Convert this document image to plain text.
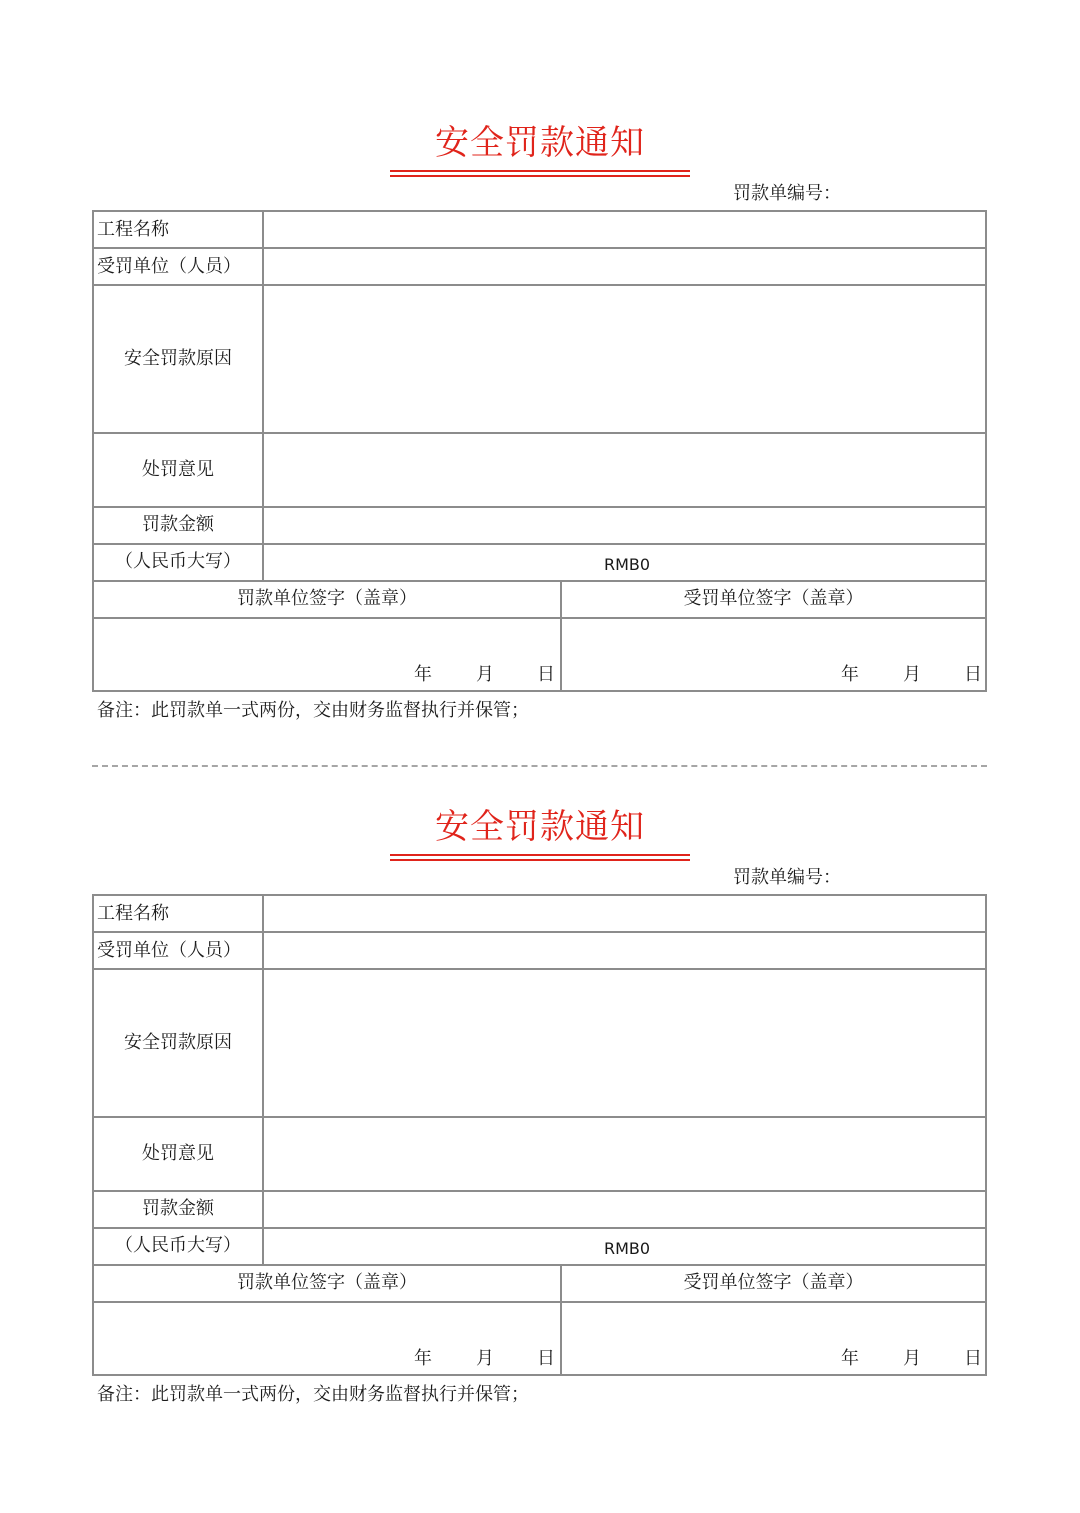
安全罚款通知
罚款单编号：
工程名称
受罚单位（人员）
安全罚款原因
处罚意见
罚款金额
（人民币大写）	RMB0
罚款单位签字（盖章）	受罚单位签字（盖章）
年 月 日	年 月 日
备注：此罚款单一式两份，交由财务监督执行并保管；
安全罚款通知
罚款单编号：
工程名称
受罚单位（人员）
安全罚款原因
处罚意见
罚款金额
（人民币大写）	RMB0
罚款单位签字（盖章）	受罚单位签字（盖章）
年 月 日	年 月 日
备注：此罚款单一式两份，交由财务监督执行并保管；
